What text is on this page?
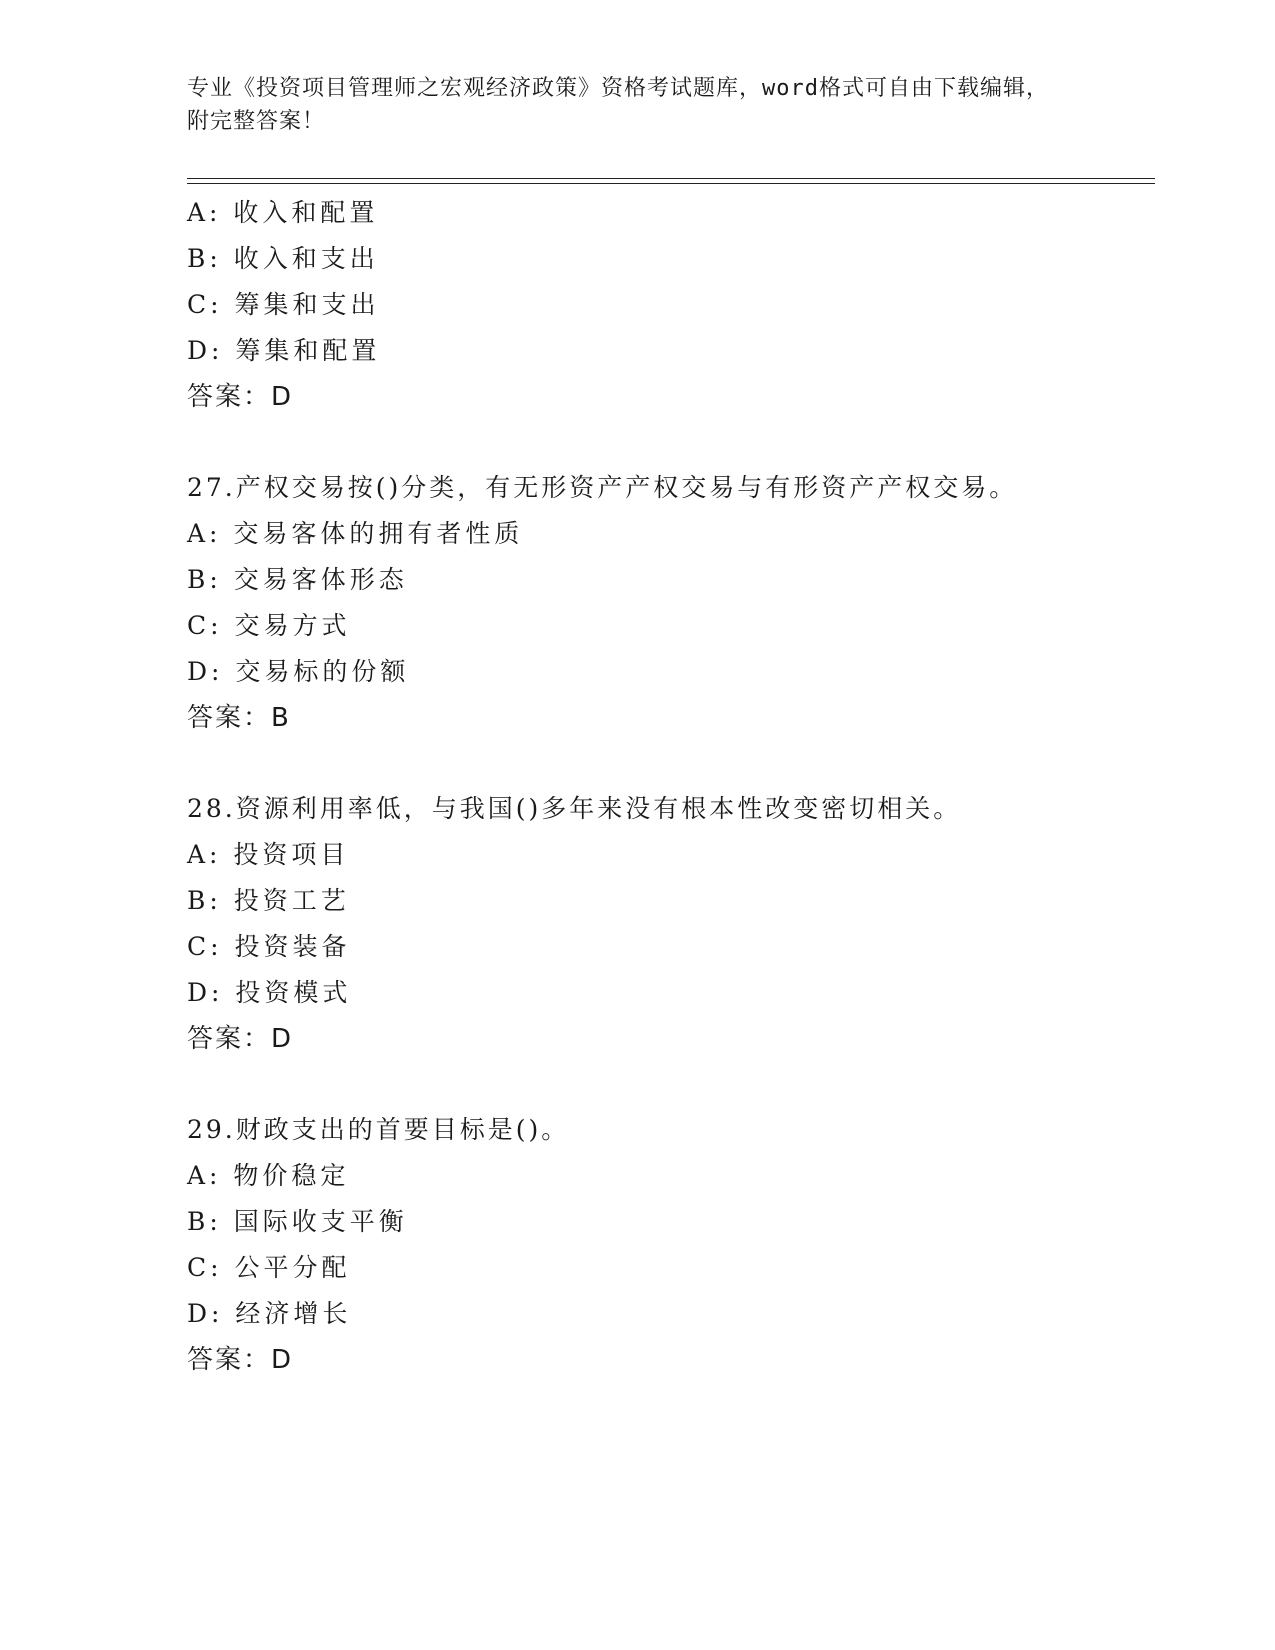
专业《投资项目管理师之宏观经济政策》资格考试题库，word格式可自由下载编辑，附完整答案！
A: 收入和配置
B: 收入和支出
C: 筹集和支出
D: 筹集和配置
答案：D
27.产权交易按()分类，有无形资产产权交易与有形资产产权交易。
A: 交易客体的拥有者性质
B: 交易客体形态
C: 交易方式
D: 交易标的份额
答案：B
28.资源利用率低，与我国()多年来没有根本性改变密切相关。
A: 投资项目
B: 投资工艺
C: 投资装备
D: 投资模式
答案：D
29.财政支出的首要目标是()。
A: 物价稳定
B: 国际收支平衡
C: 公平分配
D: 经济增长
答案：D
